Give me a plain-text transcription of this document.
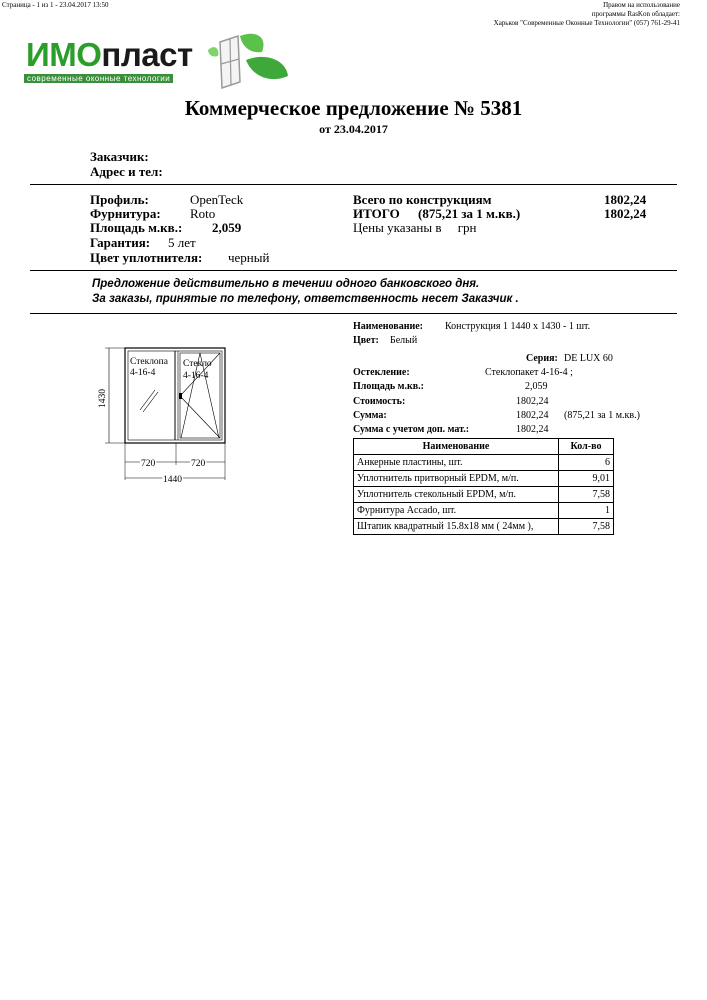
Страница - 1 из 1 - 23.04.2017 13:50	Правом на использование
программы RasKon обладает:
Харьков "Современные Оконные Технологии" (057) 761-29-41
ИМОпласт
современные оконные технологии
Коммерческое предложение № 5381
от 23.04.2017
Заказчик:
Адрес и тел:
Профиль:	OpenTeck
Фурнитура: Roto
Площадь м.кв.: 2,059
Гарантия: 5 лет
Цвет уплотнителя: черный
Всего по конструкциям	1802,24
ИТОГО (875,21 за 1 м.кв.)	1802,24
Цены указаны в     грн
Предложение действительно в течении одного банковского дня.
За заказы, принятые по телефону, ответственность несет Заказчик .
Стеклопа
4-16-4
Стекло
4-16-4
1430
720	720
1440
Наименование: Конструкция 1 1440 х 1430 - 1 шт.
Цвет: Белый
Серия: DE LUX 60
Остекление:	Стеклопакет 4-16-4 ;
Площадь м.кв.:	2,059
Стоимость:	1802,24
Сумма:	1802,24 (875,21 за 1 м.кв.)
Сумма с учетом доп. мат.:	1802,24
Наименование	Кол-во
Анкерные пластины, шт.	6
Уплотнитель притворный EPDM, м/п.	9,01
Уплотнитель стекольный EPDM, м/п.	7,58
Фурнитура Accado, шт.	1
Штапик квадратный 15.8x18 мм ( 24мм ),	7,58
